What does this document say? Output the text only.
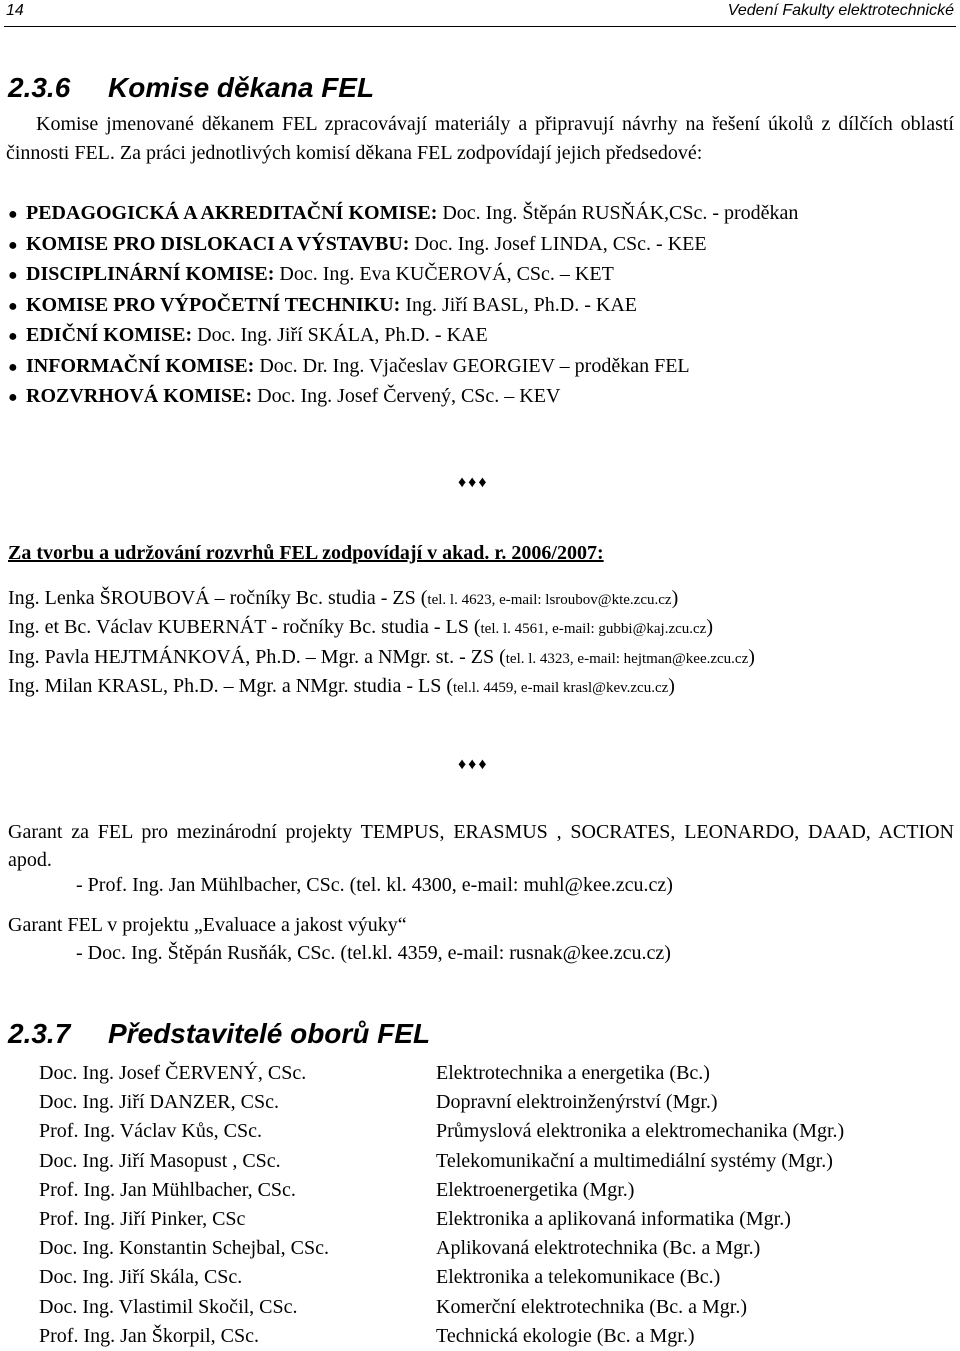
14	Vedení Fakulty elektrotechnické
2.3.6 Komise děkana FEL
Komise jmenované děkanem FEL zpracovávají materiály a připravují návrhy na řešení úkolů z dílčích oblastí činnosti FEL. Za práci jednotlivých komisí děkana FEL zodpovídají jejich předsedové:
● PEDAGOGICKÁ A AKREDITAČNÍ KOMISE: Doc. Ing. Štěpán RUSŇÁK,CSc. - proděkan
● KOMISE PRO DISLOKACI A VÝSTAVBU: Doc. Ing. Josef LINDA, CSc. - KEE
● DISCIPLINÁRNÍ KOMISE: Doc. Ing. Eva KUČEROVÁ, CSc. – KET
● KOMISE PRO VÝPOČETNÍ TECHNIKU: Ing. Jiří BASL, Ph.D. - KAE
● EDIČNÍ KOMISE: Doc. Ing. Jiří SKÁLA, Ph.D. - KAE
● INFORMAČNÍ KOMISE: Doc. Dr. Ing. Vjačeslav GEORGIEV – proděkan FEL
● ROZVRHOVÁ KOMISE: Doc. Ing. Josef Červený, CSc. – KEV
♦♦♦
Za tvorbu a udržování rozvrhů FEL zodpovídají v akad. r. 2006/2007:
Ing. Lenka ŠROUBOVÁ – ročníky Bc. studia - ZS (tel. l. 4623, e-mail: lsroubov@kte.zcu.cz)
Ing. et Bc. Václav KUBERNÁT - ročníky Bc. studia - LS (tel. l. 4561, e-mail: gubbi@kaj.zcu.cz)
Ing. Pavla HEJTMÁNKOVÁ, Ph.D. – Mgr. a NMgr. st. - ZS (tel. l. 4323, e-mail: hejtman@kee.zcu.cz)
Ing. Milan KRASL, Ph.D. – Mgr. a NMgr. studia - LS (tel.l. 4459, e-mail krasl@kev.zcu.cz)
♦♦♦
Garant za FEL pro mezinárodní projekty TEMPUS, ERASMUS , SOCRATES, LEONARDO, DAAD, ACTION apod.
- Prof. Ing. Jan Mühlbacher, CSc. (tel. kl. 4300, e-mail: muhl@kee.zcu.cz)
Garant FEL v projektu „Evaluace a jakost výuky“
- Doc. Ing. Štěpán Rusňák, CSc. (tel.kl. 4359, e-mail: rusnak@kee.zcu.cz)
2.3.7 Představitelé oborů FEL
Doc. Ing. Josef ČERVENÝ, CSc.	Elektrotechnika a energetika (Bc.)
Doc. Ing. Jiří DANZER, CSc.	Dopravní elektroinženýrství (Mgr.)
Prof. Ing. Václav Kůs, CSc.	Průmyslová elektronika a elektromechanika (Mgr.)
Doc. Ing. Jiří Masopust , CSc.	Telekomunikační a multimediální systémy (Mgr.)
Prof. Ing. Jan Mühlbacher, CSc.	Elektroenergetika (Mgr.)
Prof. Ing. Jiří Pinker, CSc	Elektronika a aplikovaná informatika (Mgr.)
Doc. Ing. Konstantin Schejbal, CSc.	Aplikovaná elektrotechnika (Bc. a Mgr.)
Doc. Ing. Jiří Skála, CSc.	Elektronika a telekomunikace (Bc.)
Doc. Ing. Vlastimil Skočil, CSc.	Komerční elektrotechnika (Bc. a Mgr.)
Prof. Ing. Jan Škorpil, CSc.	Technická ekologie (Bc. a Mgr.)
